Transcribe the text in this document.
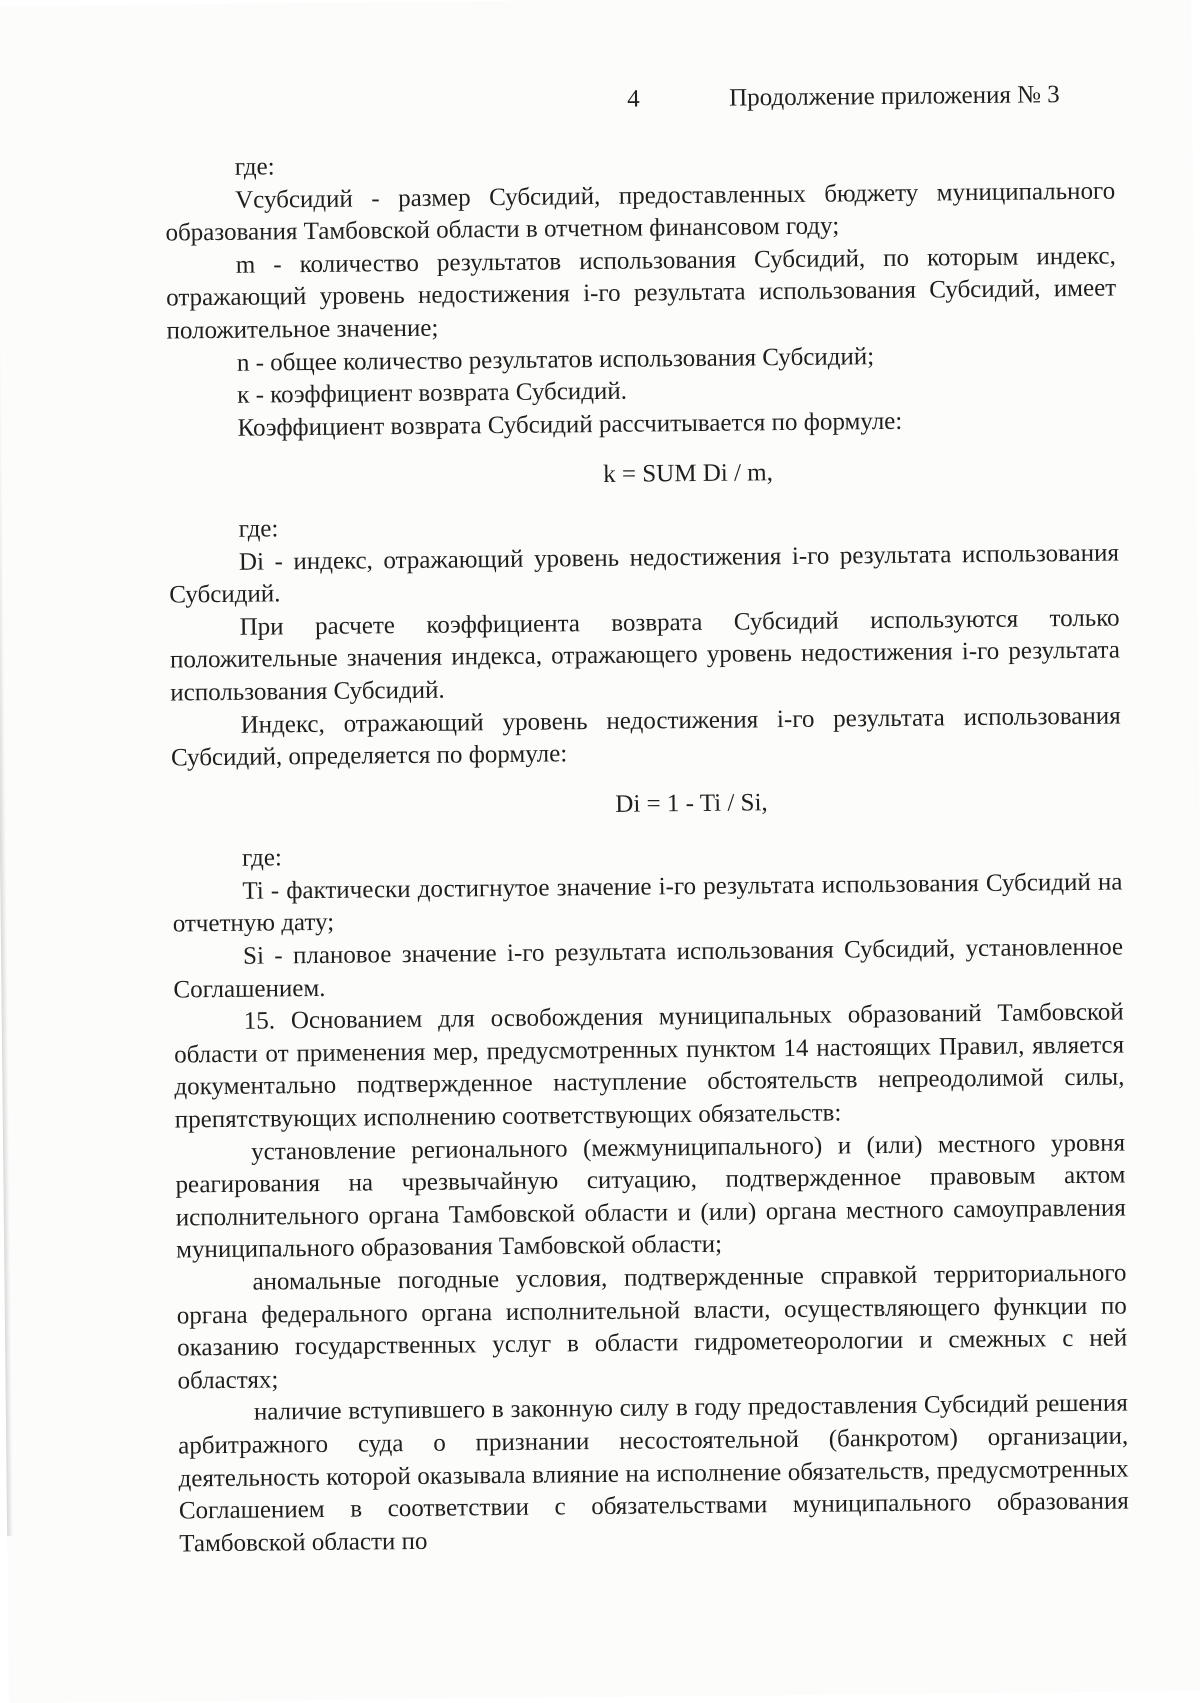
4	Продолжение приложения № 3

где:

Vсубсидий - размер Субсидий, предоставленных бюджету муниципального образования Тамбовской области в отчетном финансовом году;

m - количество результатов использования Субсидий, по которым индекс, отражающий уровень недостижения i-го результата использования Субсидий, имеет положительное значение;

n - общее количество результатов использования Субсидий;

к - коэффициент возврата Субсидий.

Коэффициент возврата Субсидий рассчитывается по формуле:

k = SUM Di / m,

где:

Di - индекс, отражающий уровень недостижения i-го результата использования Субсидий.

При расчете коэффициента возврата Субсидий используются только положительные значения индекса, отражающего уровень недостижения i-го результата использования Субсидий.

Индекс, отражающий уровень недостижения i-го результата использования Субсидий, определяется по формуле:

Di = 1 - Ti / Si,

где:

Ti - фактически достигнутое значение i-го результата использования Субсидий на отчетную дату;

Si - плановое значение i-го результата использования Субсидий, установленное Соглашением.

15. Основанием для освобождения муниципальных образований Тамбовской области от применения мер, предусмотренных пунктом 14 настоящих Правил, является документально подтвержденное наступление обстоятельств непреодолимой силы, препятствующих исполнению соответствующих обязательств:

установление регионального (межмуниципального) и (или) местного уровня реагирования на чрезвычайную ситуацию, подтвержденное правовым актом исполнительного органа Тамбовской области и (или) органа местного самоуправления муниципального образования Тамбовской области;

аномальные погодные условия, подтвержденные справкой территориального органа федерального органа исполнительной власти, осуществляющего функции по оказанию государственных услуг в области гидрометеорологии и смежных с ней областях;

наличие вступившего в законную силу в году предоставления Субсидий решения арбитражного суда о признании несостоятельной (банкротом) организации, деятельность которой оказывала влияние на исполнение обязательств, предусмотренных Соглашением в соответствии с обязательствами муниципального образования Тамбовской области по
